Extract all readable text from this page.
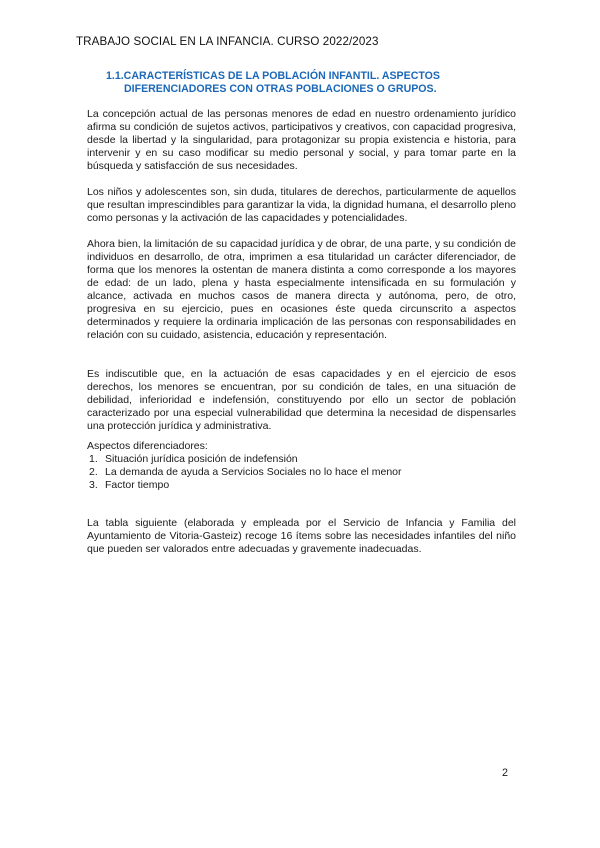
TRABAJO SOCIAL EN LA INFANCIA. CURSO 2022/2023
1.1.CARACTERÍSTICAS DE LA POBLACIÓN INFANTIL. ASPECTOS
DIFERENCIADORES CON OTRAS POBLACIONES O GRUPOS.

La concepción actual de las personas menores de edad en nuestro ordenamiento jurídico afirma su condición de sujetos activos, participativos y creativos, con capacidad progresiva, desde la libertad y la singularidad, para protagonizar su propia existencia e historia, para intervenir y en su caso modificar su medio personal y social, y para tomar parte en la búsqueda y satisfacción de sus necesidades.

Los niños y adolescentes son, sin duda, titulares de derechos, particularmente de aquellos que resultan imprescindibles para garantizar la vida, la dignidad humana, el desarrollo pleno como personas y la activación de las capacidades y potencialidades.

Ahora bien, la limitación de su capacidad jurídica y de obrar, de una parte, y su condición de individuos en desarrollo, de otra, imprimen a esa titularidad un carácter diferenciador, de forma que los menores la ostentan de manera distinta a como corresponde a los mayores de edad: de un lado, plena y hasta especialmente intensificada en su formulación y alcance, activada en muchos casos de manera directa y autónoma, pero, de otro, progresiva en su ejercicio, pues en ocasiones éste queda circunscrito a aspectos determinados y requiere la ordinaria implicación de las personas con responsabilidades en relación con su cuidado, asistencia, educación y representación.

Es indiscutible que, en la actuación de esas capacidades y en el ejercicio de esos derechos, los menores se encuentran, por su condición de tales, en una situación de debilidad, inferioridad e indefensión, constituyendo por ello un sector de población caracterizado por una especial vulnerabilidad que determina la necesidad de dispensarles una protección jurídica y administrativa.

Aspectos diferenciadores:
1. Situación jurídica posición de indefensión
2. La demanda de ayuda a Servicios Sociales no lo hace el menor
3. Factor tiempo

La tabla siguiente (elaborada y empleada por el Servicio de Infancia y Familia del Ayuntamiento de Vitoria-Gasteiz) recoge 16 ítems sobre las necesidades infantiles del niño que pueden ser valorados entre adecuadas y gravemente inadecuadas.

2
